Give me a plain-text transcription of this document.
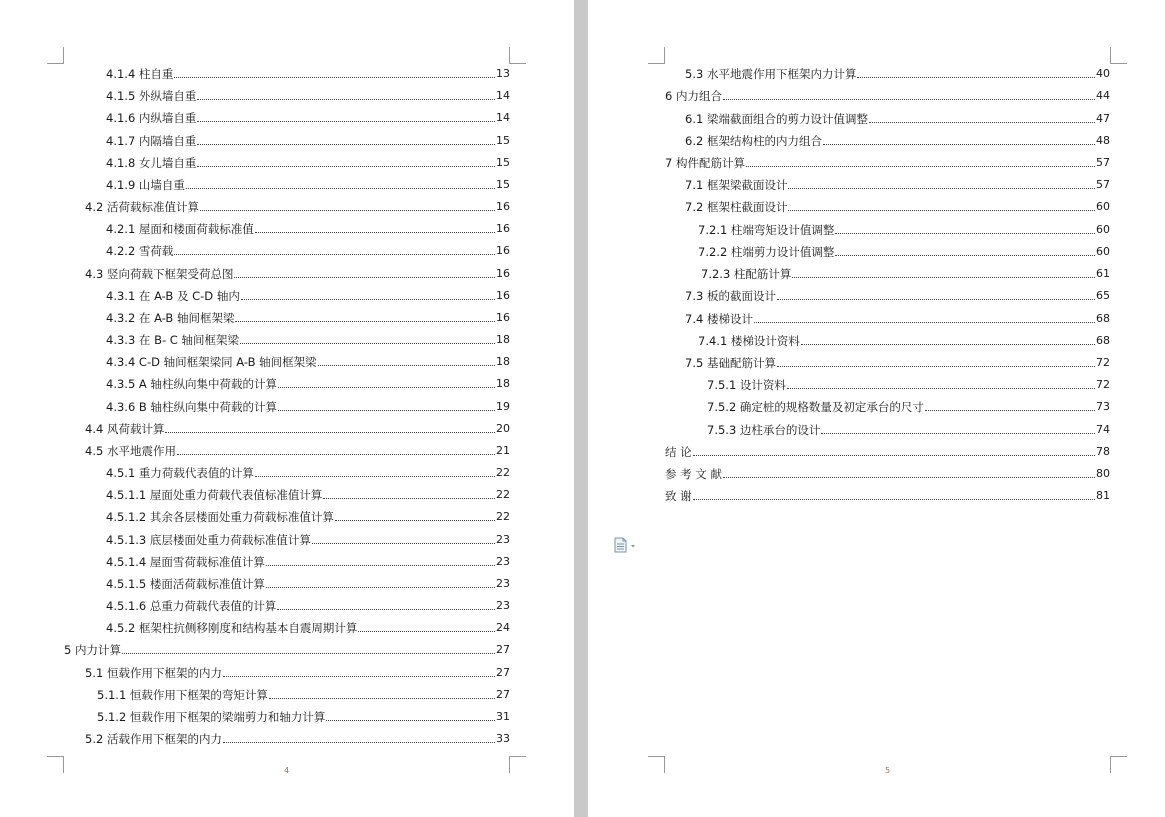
4.1.4 柱自重	13
4.1.5 外纵墙自重	14
4.1.6 内纵墙自重	14
4.1.7 内隔墙自重	15
4.1.8 女儿墙自重	15
4.1.9 山墙自重	15
4.2 活荷载标准值计算	16
4.2.1 屋面和楼面荷载标准值	16
4.2.2 雪荷载	16
4.3 竖向荷载下框架受荷总图	16
4.3.1 在 A-B 及 C-D 轴内	16
4.3.2 在 A-B 轴间框架梁	16
4.3.3 在 B- C 轴间框架梁	18
4.3.4 C-D 轴间框架梁同 A-B 轴间框架梁	18
4.3.5 A 轴柱纵向集中荷载的计算	18
4.3.6 B 轴柱纵向集中荷载的计算	19
4.4 风荷载计算	20
4.5 水平地震作用	21
4.5.1 重力荷载代表值的计算	22
4.5.1.1 屋面处重力荷载代表值标准值计算	22
4.5.1.2 其余各层楼面处重力荷载标准值计算	22
4.5.1.3 底层楼面处重力荷载标准值计算	23
4.5.1.4 屋面雪荷载标准值计算	23
4.5.1.5 楼面活荷载标准值计算	23
4.5.1.6 总重力荷载代表值的计算	23
4.5.2 框架柱抗侧移刚度和结构基本自震周期计算	24
5 内力计算	27
5.1 恒载作用下框架的内力	27
5.1.1 恒载作用下框架的弯矩计算	27
5.1.2 恒载作用下框架的梁端剪力和轴力计算	31
5.2 活载作用下框架的内力	33
4
5.3 水平地震作用下框架内力计算	40
6 内力组合	44
6.1 梁端截面组合的剪力设计值调整	47
6.2 框架结构柱的内力组合	48
7 构件配筋计算	57
7.1 框架梁截面设计	57
7.2 框架柱截面设计	60
7.2.1 柱端弯矩设计值调整	60
7.2.2 柱端剪力设计值调整	60
7.2.3 柱配筋计算	61
7.3 板的截面设计	65
7.4 楼梯设计	68
7.4.1 楼梯设计资料	68
7.5 基础配筋计算	72
7.5.1 设计资料	72
7.5.2 确定桩的规格数量及初定承台的尺寸	73
7.5.3 边柱承台的设计	74
结 论	78
参 考 文 献	80
致 谢	81
5
